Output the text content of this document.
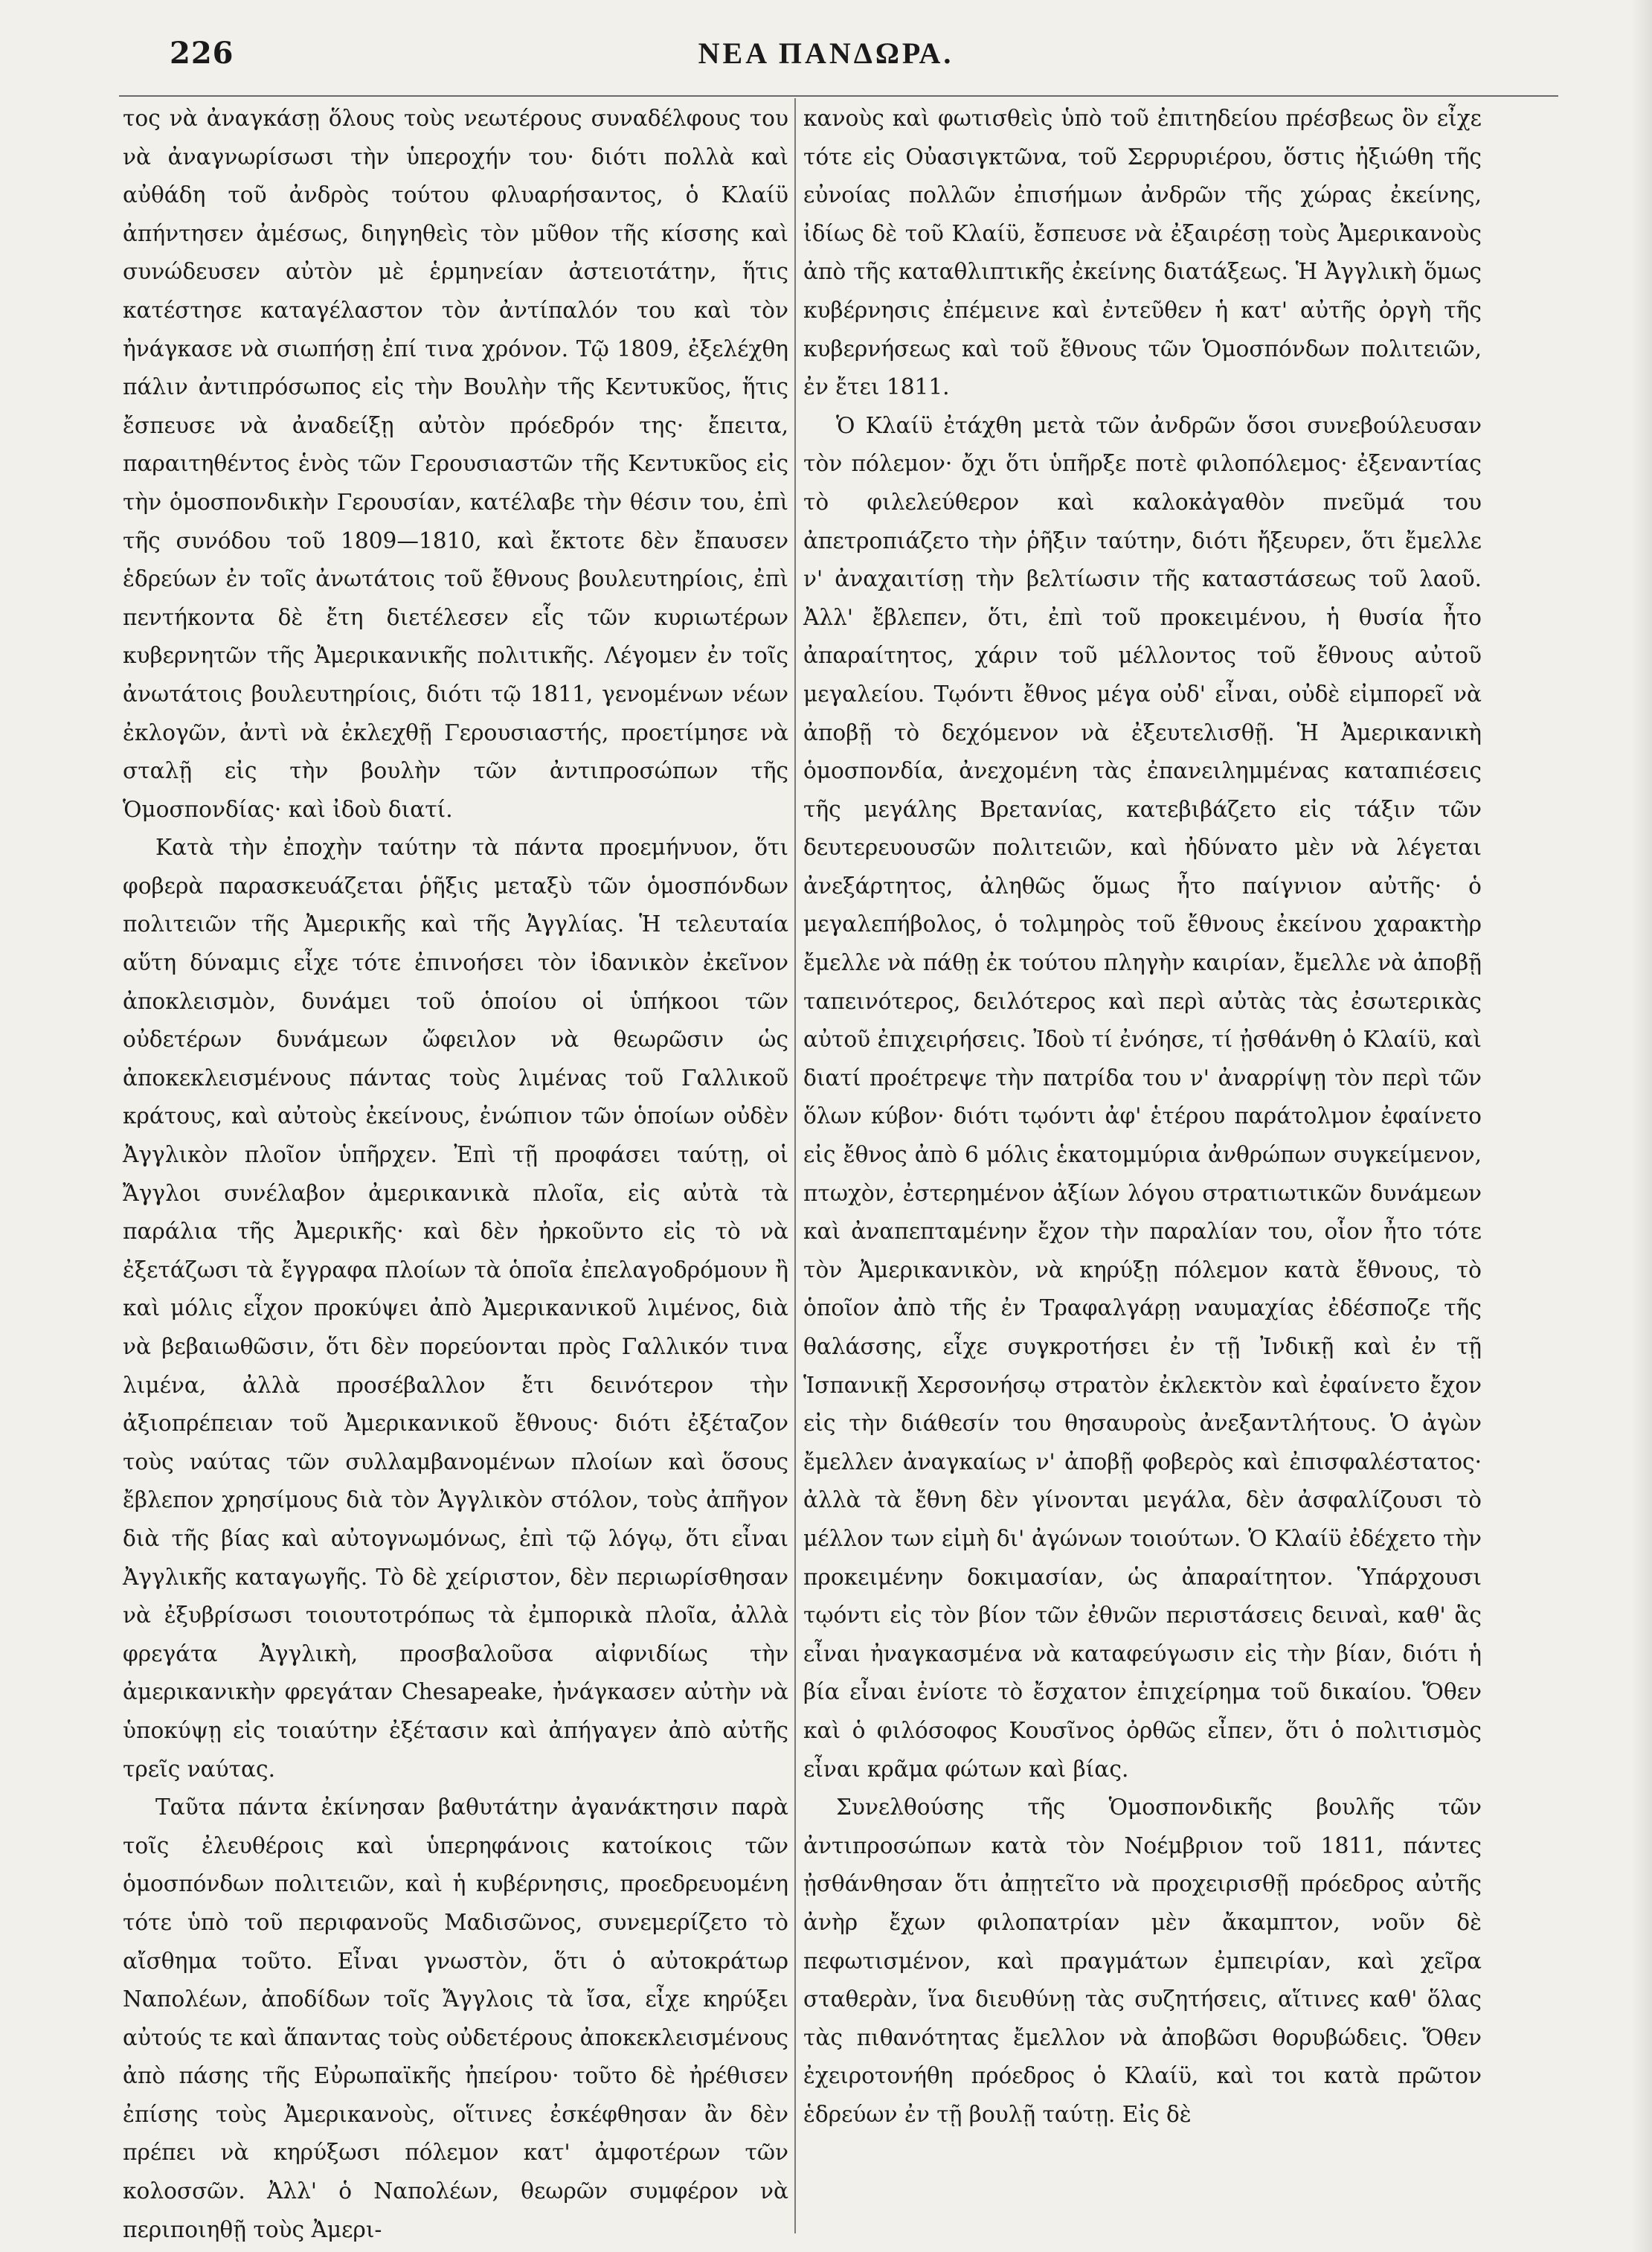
226	ΝΕΑ ΠΑΝΔΩΡΑ.

τος νὰ ἀναγκάσῃ ὅλους τοὺς νεωτέρους συναδέλφους του νὰ ἀναγνωρίσωσι τὴν ὑπεροχήν του· διότι πολλὰ καὶ αὐθάδη τοῦ ἀνδρὸς τούτου φλυαρήσαντος, ὁ Κλαίϋ ἀπήντησεν ἀμέσως, διηγηθεὶς τὸν μῦθον τῆς κίσσης καὶ συνώδευσεν αὐτὸν μὲ ἑρμηνείαν ἀστειοτάτην, ἥτις κατέστησε καταγέλαστον τὸν ἀντίπαλόν του καὶ τὸν ἠνάγκασε νὰ σιωπήσῃ ἐπί τινα χρόνον. Τῷ 1809, ἐξελέχθη πάλιν ἀντιπρόσωπος εἰς τὴν Βουλὴν τῆς Κεντυκῦος, ἥτις ἔσπευσε νὰ ἀναδείξῃ αὐτὸν πρόεδρόν της· ἔπειτα, παραιτηθέντος ἑνὸς τῶν Γερουσιαστῶν τῆς Κεντυκῦος εἰς τὴν ὁμοσπονδικὴν Γερουσίαν, κατέλαβε τὴν θέσιν του, ἐπὶ τῆς συνόδου τοῦ 1809—1810, καὶ ἔκτοτε δὲν ἔπαυσεν ἑδρεύων ἐν τοῖς ἀνωτάτοις τοῦ ἔθνους βουλευτηρίοις, ἐπὶ πεντήκοντα δὲ ἔτη διετέλεσεν εἷς τῶν κυριωτέρων κυβερνητῶν τῆς Ἀμερικανικῆς πολιτικῆς. Λέγομεν ἐν τοῖς ἀνωτάτοις βουλευτηρίοις, διότι τῷ 1811, γενομένων νέων ἐκλογῶν, ἀντὶ νὰ ἐκλεχθῇ Γερουσιαστής, προετίμησε νὰ σταλῇ εἰς τὴν βουλὴν τῶν ἀντιπροσώπων τῆς Ὁμοσπονδίας· καὶ ἰδοὺ διατί.

Κατὰ τὴν ἐποχὴν ταύτην τὰ πάντα προεμήνυον, ὅτι φοβερὰ παρασκευάζεται ῥῆξις μεταξὺ τῶν ὁμοσπόνδων πολιτειῶν τῆς Ἀμερικῆς καὶ τῆς Ἀγγλίας. Ἡ τελευταία αὕτη δύναμις εἶχε τότε ἐπινοήσει τὸν ἰδανικὸν ἐκεῖνον ἀποκλεισμὸν, δυνάμει τοῦ ὁποίου οἱ ὑπήκοοι τῶν οὐδετέρων δυνάμεων ὤφειλον νὰ θεωρῶσιν ὡς ἀποκεκλεισμένους πάντας τοὺς λιμένας τοῦ Γαλλικοῦ κράτους, καὶ αὐτοὺς ἐκείνους, ἐνώπιον τῶν ὁποίων οὐδὲν Ἀγγλικὸν πλοῖον ὑπῆρχεν. Ἐπὶ τῇ προφάσει ταύτῃ, οἱ Ἄγγλοι συνέλαβον ἀμερικανικὰ πλοῖα, εἰς αὐτὰ τὰ παράλια τῆς Ἀμερικῆς· καὶ δὲν ἠρκοῦντο εἰς τὸ νὰ ἐξετάζωσι τὰ ἔγγραφα πλοίων τὰ ὁποῖα ἐπελαγοδρόμουν ἢ καὶ μόλις εἶχον προκύψει ἀπὸ Ἀμερικανικοῦ λιμένος, διὰ νὰ βεβαιωθῶσιν, ὅτι δὲν πορεύονται πρὸς Γαλλικόν τινα λιμένα, ἀλλὰ προσέβαλλον ἔτι δεινότερον τὴν ἀξιοπρέπειαν τοῦ Ἀμερικανικοῦ ἔθνους· διότι ἐξέταζον τοὺς ναύτας τῶν συλλαμβανομένων πλοίων καὶ ὅσους ἔβλεπον χρησίμους διὰ τὸν Ἀγγλικὸν στόλον, τοὺς ἀπῆγον διὰ τῆς βίας καὶ αὐτογνωμόνως, ἐπὶ τῷ λόγῳ, ὅτι εἶναι Ἀγγλικῆς καταγωγῆς. Τὸ δὲ χείριστον, δὲν περιωρίσθησαν νὰ ἐξυβρίσωσι τοιουτοτρόπως τὰ ἐμπορικὰ πλοῖα, ἀλλὰ φρεγάτα Ἀγγλικὴ, προσβαλοῦσα αἰφνιδίως τὴν ἀμερικανικὴν φρεγάταν Chesapeake, ἠνάγκασεν αὐτὴν νὰ ὑποκύψῃ εἰς τοιαύτην ἐξέτασιν καὶ ἀπήγαγεν ἀπὸ αὐτῆς τρεῖς ναύτας.

Ταῦτα πάντα ἐκίνησαν βαθυτάτην ἀγανάκτησιν παρὰ τοῖς ἐλευθέροις καὶ ὑπερηφάνοις κατοίκοις τῶν ὁμοσπόνδων πολιτειῶν, καὶ ἡ κυβέρνησις, προεδρευομένη τότε ὑπὸ τοῦ περιφανοῦς Μαδισῶνος, συνεμερίζετο τὸ αἴσθημα τοῦτο. Εἶναι γνωστὸν, ὅτι ὁ αὐτοκράτωρ Ναπολέων, ἀποδίδων τοῖς Ἄγγλοις τὰ ἴσα, εἶχε κηρύξει αὐτούς τε καὶ ἅπαντας τοὺς οὐδετέρους ἀποκεκλεισμένους ἀπὸ πάσης τῆς Εὐρωπαϊκῆς ἠπείρου· τοῦτο δὲ ἠρέθισεν ἐπίσης τοὺς Ἀμερικανοὺς, οἵτινες ἐσκέφθησαν ἂν δὲν πρέπει νὰ κηρύξωσι πόλεμον κατ' ἀμφοτέρων τῶν κολοσσῶν. Ἀλλ' ὁ Ναπολέων, θεωρῶν συμφέρον νὰ περιποιηθῇ τοὺς Ἀμερι-

κανοὺς καὶ φωτισθεὶς ὑπὸ τοῦ ἐπιτηδείου πρέσβεως ὃν εἶχε τότε εἰς Οὐασιγκτῶνα, τοῦ Σερρυριέρου, ὅστις ἠξιώθη τῆς εὐνοίας πολλῶν ἐπισήμων ἀνδρῶν τῆς χώρας ἐκείνης, ἰδίως δὲ τοῦ Κλαίϋ, ἔσπευσε νὰ ἐξαιρέσῃ τοὺς Ἀμερικανοὺς ἀπὸ τῆς καταθλιπτικῆς ἐκείνης διατάξεως. Ἡ Ἀγγλικὴ ὅμως κυβέρνησις ἐπέμεινε καὶ ἐντεῦθεν ἡ κατ' αὐτῆς ὀργὴ τῆς κυβερνήσεως καὶ τοῦ ἔθνους τῶν Ὁμοσπόνδων πολιτειῶν, ἐν ἔτει 1811.

Ὁ Κλαίϋ ἐτάχθη μετὰ τῶν ἀνδρῶν ὅσοι συνεβούλευσαν τὸν πόλεμον· ὄχι ὅτι ὑπῆρξε ποτὲ φιλοπόλεμος· ἐξεναντίας τὸ φιλελεύθερον καὶ καλοκἀγαθὸν πνεῦμά του ἀπετροπιάζετο τὴν ῥῆξιν ταύτην, διότι ἤξευρεν, ὅτι ἔμελλε ν' ἀναχαιτίσῃ τὴν βελτίωσιν τῆς καταστάσεως τοῦ λαοῦ. Ἀλλ' ἔβλεπεν, ὅτι, ἐπὶ τοῦ προκειμένου, ἡ θυσία ἦτο ἀπαραίτητος, χάριν τοῦ μέλλοντος τοῦ ἔθνους αὐτοῦ μεγαλείου. Τῳόντι ἔθνος μέγα οὐδ' εἶναι, οὐδὲ εἰμπορεῖ νὰ ἀποβῇ τὸ δεχόμενον νὰ ἐξευτελισθῇ. Ἡ Ἀμερικανικὴ ὁμοσπονδία, ἀνεχομένη τὰς ἐπανειλημμένας καταπιέσεις τῆς μεγάλης Βρετανίας, κατεβιβάζετο εἰς τάξιν τῶν δευτερευουσῶν πολιτειῶν, καὶ ἠδύνατο μὲν νὰ λέγεται ἀνεξάρτητος, ἀληθῶς ὅμως ἦτο παίγνιον αὐτῆς· ὁ μεγαλεπήβολος, ὁ τολμηρὸς τοῦ ἔθνους ἐκείνου χαρακτὴρ ἔμελλε νὰ πάθῃ ἐκ τούτου πληγὴν καιρίαν, ἔμελλε νὰ ἀποβῇ ταπεινότερος, δειλότερος καὶ περὶ αὐτὰς τὰς ἐσωτερικὰς αὐτοῦ ἐπιχειρήσεις. Ἰδοὺ τί ἐνόησε, τί ᾐσθάνθη ὁ Κλαίϋ, καὶ διατί προέτρεψε τὴν πατρίδα του ν' ἀναρρίψῃ τὸν περὶ τῶν ὅλων κύβον· διότι τῳόντι ἀφ' ἑτέρου παράτολμον ἐφαίνετο εἰς ἔθνος ἀπὸ 6 μόλις ἑκατομμύρια ἀνθρώπων συγκείμενον, πτωχὸν, ἐστερημένον ἀξίων λόγου στρατιωτικῶν δυνάμεων καὶ ἀναπεπταμένην ἔχον τὴν παραλίαν του, οἷον ἦτο τότε τὸν Ἀμερικανικὸν, νὰ κηρύξῃ πόλεμον κατὰ ἔθνους, τὸ ὁποῖον ἀπὸ τῆς ἐν Τραφαλγάρῃ ναυμαχίας ἐδέσποζε τῆς θαλάσσης, εἶχε συγκροτήσει ἐν τῇ Ἰνδικῇ καὶ ἐν τῇ Ἱσπανικῇ Χερσονήσῳ στρατὸν ἐκλεκτὸν καὶ ἐφαίνετο ἔχον εἰς τὴν διάθεσίν του θησαυροὺς ἀνεξαντλήτους. Ὁ ἀγὼν ἔμελλεν ἀναγκαίως ν' ἀποβῇ φοβερὸς καὶ ἐπισφαλέστατος· ἀλλὰ τὰ ἔθνη δὲν γίνονται μεγάλα, δὲν ἀσφαλίζουσι τὸ μέλλον των εἰμὴ δι' ἀγώνων τοιούτων. Ὁ Κλαίϋ ἐδέχετο τὴν προκειμένην δοκιμασίαν, ὡς ἀπαραίτητον. Ὑπάρχουσι τῳόντι εἰς τὸν βίον τῶν ἐθνῶν περιστάσεις δειναὶ, καθ' ἃς εἶναι ἠναγκασμένα νὰ καταφεύγωσιν εἰς τὴν βίαν, διότι ἡ βία εἶναι ἐνίοτε τὸ ἔσχατον ἐπιχείρημα τοῦ δικαίου. Ὅθεν καὶ ὁ φιλόσοφος Κουσῖνος ὀρθῶς εἶπεν, ὅτι ὁ πολιτισμὸς εἶναι κρᾶμα φώτων καὶ βίας.

Συνελθούσης τῆς Ὁμοσπονδικῆς βουλῆς τῶν ἀντιπροσώπων κατὰ τὸν Νοέμβριον τοῦ 1811, πάντες ᾐσθάνθησαν ὅτι ἀπῃτεῖτο νὰ προχειρισθῇ πρόεδρος αὐτῆς ἀνὴρ ἔχων φιλοπατρίαν μὲν ἄκαμπτον, νοῦν δὲ πεφωτισμένον, καὶ πραγμάτων ἐμπειρίαν, καὶ χεῖρα σταθερὰν, ἵνα διευθύνῃ τὰς συζητήσεις, αἵτινες καθ' ὅλας τὰς πιθανότητας ἔμελλον νὰ ἀποβῶσι θορυβώδεις. Ὅθεν ἐχειροτονήθη πρόεδρος ὁ Κλαίϋ, καὶ τοι κατὰ πρῶτον ἑδρεύων ἐν τῇ βουλῇ ταύτῃ. Εἰς δὲ
